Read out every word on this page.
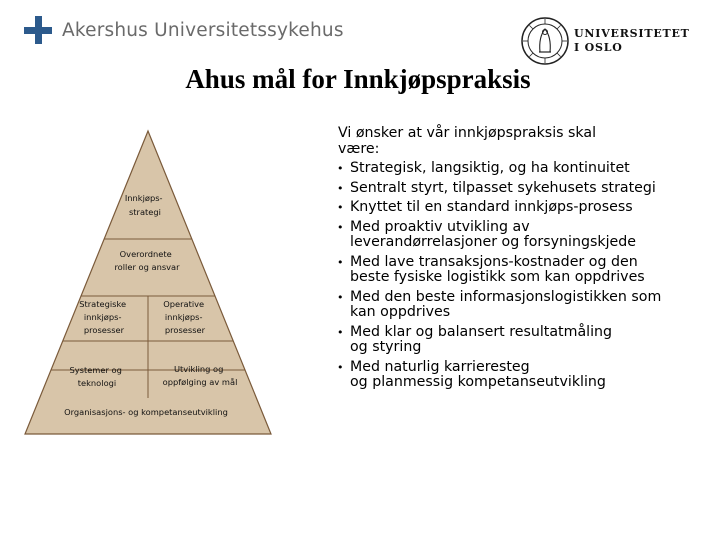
Akershus Universitetssykehus	UNIVERSITETET
I OSLO
Ahus mål for Innkjøpspraksis
Innkjøps- strategi
Overordnete roller og ansvar
Strategiske innkjøps- prosesser
Operative innkjøps- prosesser
Systemer og teknologi
Utvikling og oppfølging av mål
Organisasjons- og kompetanseutvikling
Vi ønsker at vår innkjøpspraksis skal
være:
• Strategisk, langsiktig, og ha kontinuitet
• Sentralt styrt, tilpasset sykehusets strategi
• Knyttet til en standard innkjøps-prosess
• Med proaktiv utvikling av
leverandørrelasjoner og forsyningskjede
• Med lave transaksjons-kostnader og den
beste fysiske logistikk som kan oppdrives
• Med den beste informasjonslogistikken som
kan oppdrives
• Med klar og balansert resultatmåling
og styring
• Med naturlig karrieresteg
og planmessig kompetanseutvikling
